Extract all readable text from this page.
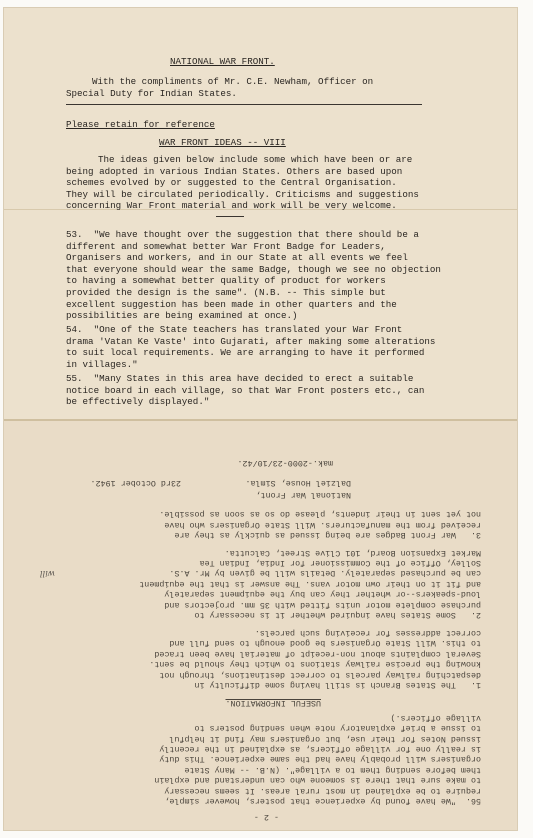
NATIONAL WAR FRONT.
With the compliments of Mr. C.E. Newham, Officer on
Special Duty for Indian States.
Please retain for reference
WAR FRONT IDEAS -- VIII
The ideas given below include some which have been or are
being adopted in various Indian States. Others are based upon
schemes evolved by or suggested to the Central Organisation.
They will be circulated periodically. Criticisms and suggestions
concerning War Front material and work will be very welcome.
53.  "We have thought over the suggestion that there should be a
different and somewhat better War Front Badge for Leaders,
Organisers and workers, and in our State at all events we feel
that everyone should wear the same Badge, though we see no objection
to having a somewhat better quality of product for workers
provided the design is the same". (N.B. -- This simple but
excellent suggestion has been made in other quarters and the
possibilities are being examined at once.)
54.  "One of the State teachers has translated your War Front
drama 'Vatan Ke Vaste' into Gujarati, after making some alterations
to suit local requirements. We are arranging to have it performed
in villages."
55.  "Many States in this area have decided to erect a suitable
notice board in each village, so that War Front posters etc., can
be effectively displayed."
- 2 -
56.  "We have found by experience that posters, however simple,
require to be explained in most rural areas. It seems necessary
to make sure that there is someone who can understand and explain
them before sending them to a village". (N.B. -- Many State
organisers will probably have had the same experience. This duty
is really one for village officers, as explained in the recently
issued Notes for their use, but organisers may find it helpful
to issue a brief explanatory note when sending posters to
village officers.)
USEFUL INFORMATION.
1.   The States Branch is still having some difficulty in
despatching railway parcels to correct destinations, through not
knowing the precise railway stations to which they should be sent.
Several complaints about non-receipt of material have been traced
to this. Will State Organisers be good enough to send full and
correct addresses for receiving such parcels.
2.   Some States have inquired whether it is necessary to
purchase complete motor units fitted with 35 mm. projectors and
loud-speakers--or whether they can buy the equipment separately
and fit it on their own motor vans. The answer is that the equipment
can be purchased separately. Details will be given by Mr. A.S.
Solley, Office of the Commissioner for India, Indian Tea
Market Expansion Board, 101 Clive Street, Calcutta.
will
3.   War Front Badges are being issued as quickly as they are
received from the manufacturers. Will State Organisers who have
not yet sent in their indents, please do so as soon as possible.
National War Front,
Dalziel House, Simla.
23rd October 1942.
mak.-2000-23/10/42.
